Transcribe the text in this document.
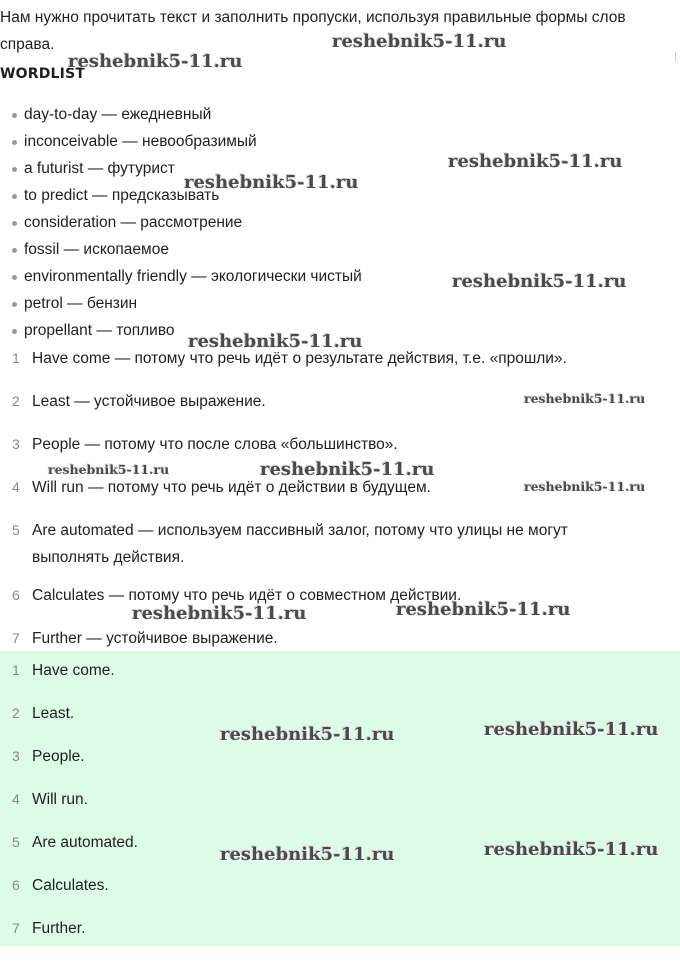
Нам нужно прочитать текст и заполнить пропуски, используя правильные формы слов справа.

WORDLIST
day-to-day — ежедневный
inconceivable — невообразимый
a futurist — футурист
to predict — предсказывать
consideration — рассмотрение
fossil — ископаемое
environmentally friendly — экологически чистый
petrol — бензин
propellant — топливо
1 Have come — потому что речь идёт о результате действия, т.е. «прошли».
2 Least — устойчивое выражение.
3 People — потому что после слова «большинство».
4 Will run — потому что речь идёт о действии в будущем.
5 Are automated — используем пассивный залог, потому что улицы не могут выполнять действия.
6 Calculates — потому что речь идёт о совместном действии.
7 Further — устойчивое выражение.
1 Have come.
2 Least.
3 People.
4 Will run.
5 Are automated.
6 Calculates.
7 Further.
reshebnik5-11.ru
reshebnik5-11.ru
reshebnik5-11.ru
reshebnik5-11.ru
reshebnik5-11.ru
reshebnik5-11.ru
reshebnik5-11.ru
reshebnik5-11.ru	reshebnik5-11.ru
reshebnik5-11.ru
reshebnik5-11.ru	reshebnik5-11.ru
reshebnik5-11.ru	reshebnik5-11.ru
reshebnik5-11.ru	reshebnik5-11.ru
